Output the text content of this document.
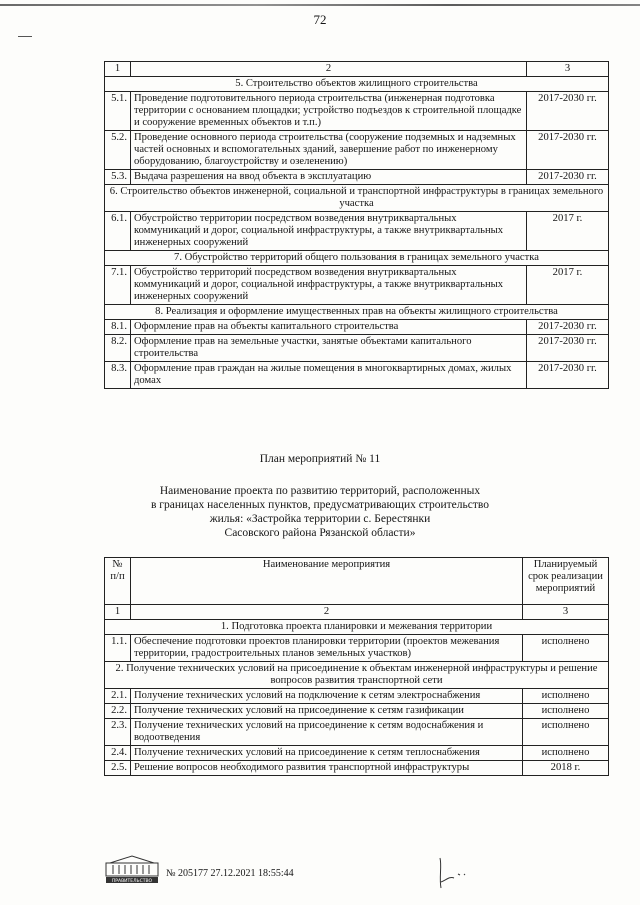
72
1	2	3
5. Строительство объектов жилищного строительства		
5.1.	Проведение подготовительного периода строительства (инженерная подготовка территории с основанием площадки; устройство подъездов к строительной площадке и сооружение временных объектов и т.п.)	2017-2030 гг.
5.2.	Проведение основного периода строительства (сооружение подземных и надземных частей основных и вспомогательных зданий, завершение работ по инженерному оборудованию, благоустройству и озеленению)	2017-2030 гг.
5.3.	Выдача разрешения на ввод объекта в эксплуатацию	2017-2030 гг.
6. Строительство объектов инженерной, социальной и транспортной инфраструктуры в границах земельного участка		
6.1.	Обустройство территории посредством возведения внутриквартальных коммуникаций и дорог, социальной инфраструктуры, а также внутриквартальных инженерных сооружений	2017 г.
7. Обустройство территорий общего пользования в границах земельного участка		
7.1.	Обустройство территорий посредством возведения внутриквартальных коммуникаций и дорог, социальной инфраструктуры, а также внутриквартальных инженерных сооружений	2017 г.
8. Реализация и оформление имущественных прав на объекты жилищного строительства		
8.1.	Оформление прав на объекты капитального строительства	2017-2030 гг.
8.2.	Оформление прав на земельные участки, занятые объектами капитального строительства	2017-2030 гг.
8.3.	Оформление прав граждан на жилые помещения в многоквартирных домах, жилых домах	2017-2030 гг.
План мероприятий № 11
Наименование проекта по развитию территорий, расположенных
в границах населенных пунктов, предусматривающих строительство
жилья: «Застройка территории с. Берестянки
Сасовского района Рязанской области»
№ п/п	Наименование мероприятия	Планируемый срок реализации мероприятий
1	2	3
1. Подготовка проекта планировки и межевания территории		
1.1.	Обеспечение подготовки проектов планировки территории (проектов межевания территории, градостроительных планов земельных участков)	исполнено
2. Получение технических условий на присоединение к объектам инженерной инфраструктуры и решение вопросов развития транспортной сети		
2.1.	Получение технических условий на подключение к сетям электроснабжения	исполнено
2.2.	Получение технических условий на присоединение к сетям газификации	исполнено
2.3.	Получение технических условий на присоединение к сетям водоснабжения и водоотведения	исполнено
2.4.	Получение технических условий на присоединение к сетям теплоснабжения	исполнено
2.5.	Решение вопросов необходимого развития транспортной инфраструктуры	2018 г.
ПРАВИТЕЛЬСТВО
№ 205177 27.12.2021 18:55:44
